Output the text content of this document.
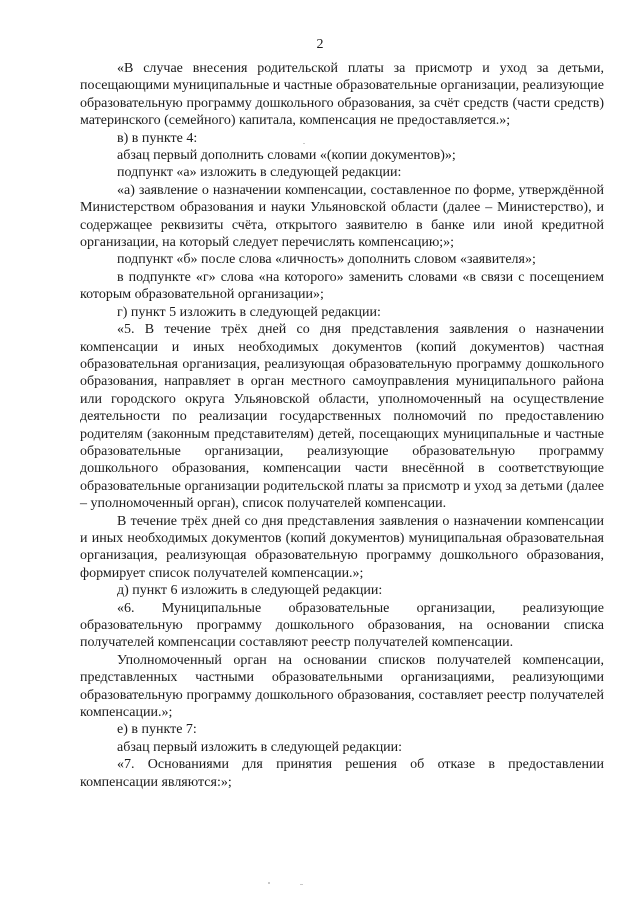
2

«В случае внесения родительской платы за присмотр и уход за детьми, посещающими муниципальные и частные образовательные организации, реализующие образовательную программу дошкольного образования, за счёт средств (части средств) материнского (семейного) капитала, компенсация не предоставляется.»;

в) в пункте 4:

абзац первый дополнить словами «(копии документов)»;

подпункт «а» изложить в следующей редакции:

«а) заявление о назначении компенсации, составленное по форме, утверждённой Министерством образования и науки Ульяновской области (далее – Министерство), и содержащее реквизиты счёта, открытого заявителю в банке или иной кредитной организации, на который следует перечислять компенсацию;»;

подпункт «б» после слова «личность» дополнить словом «заявителя»;

в подпункте «г» слова «на которого» заменить словами «в связи с посещением которым образовательной организации»;

г) пункт 5 изложить в следующей редакции:

«5. В течение трёх дней со дня представления заявления о назначении компенсации и иных необходимых документов (копий документов) частная образовательная организация, реализующая образовательную программу дошкольного образования, направляет в орган местного самоуправления муниципального района или городского округа Ульяновской области, уполномоченный на осуществление деятельности по реализации государственных полномочий по предоставлению родителям (законным представителям) детей, посещающих муниципальные и частные образовательные организации, реализующие образовательную программу дошкольного образования, компенсации части внесённой в соответствующие образовательные организации родительской платы за присмотр и уход за детьми (далее – уполномоченный орган), список получателей компенсации.

В течение трёх дней со дня представления заявления о назначении компенсации и иных необходимых документов (копий документов) муниципальная образовательная организация, реализующая образовательную программу дошкольного образования, формирует список получателей компенсации.»;

д) пункт 6 изложить в следующей редакции:

«6. Муниципальные образовательные организации, реализующие образовательную программу дошкольного образования, на основании списка получателей компенсации составляют реестр получателей компенсации.

Уполномоченный орган на основании списков получателей компенсации, представленных частными образовательными организациями, реализующими образовательную программу дошкольного образования, составляет реестр получателей компенсации.»;

е) в пункте 7:

абзац первый изложить в следующей редакции:

«7. Основаниями для принятия решения об отказе в предоставлении компенсации являются:»;
